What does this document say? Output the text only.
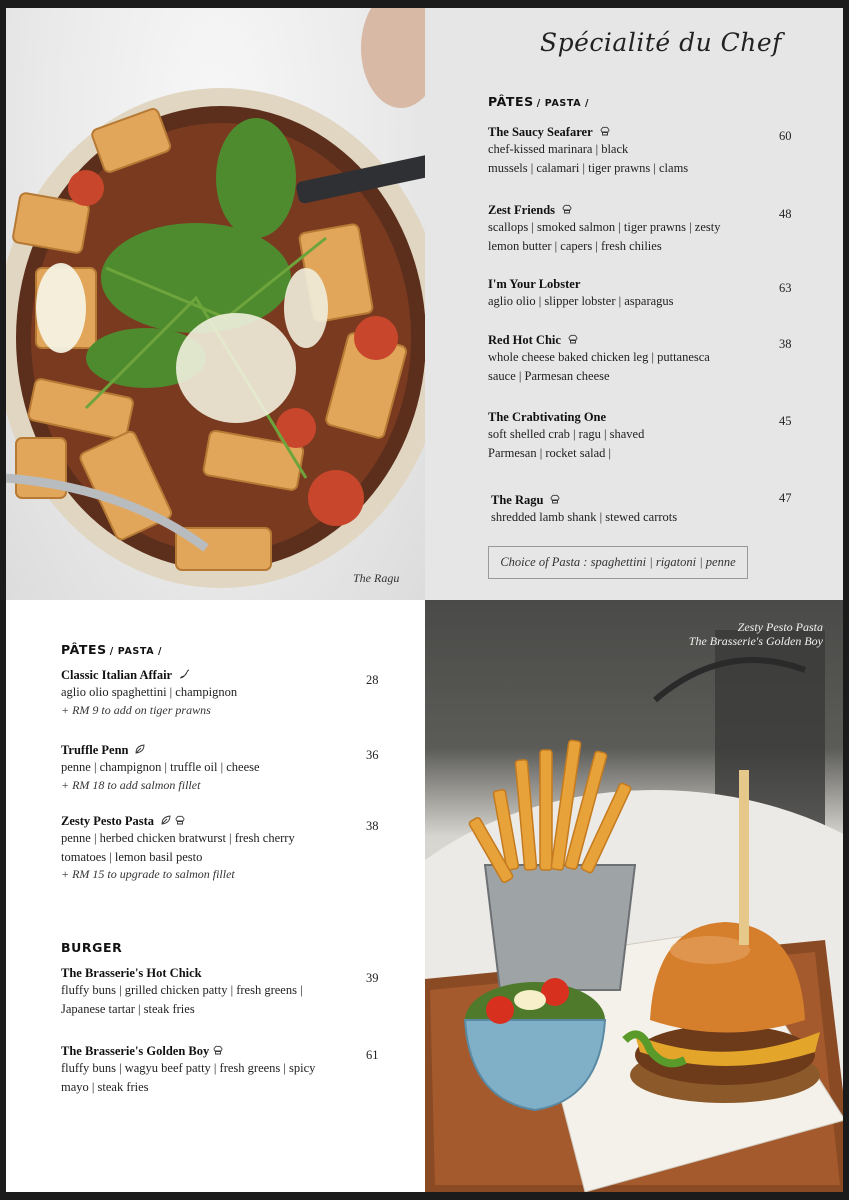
The Ragu
Spécialité du Chef
PÂTES / PASTA /
The Saucy Seafarer
chef-kissed marinara | black
mussels | calamari | tiger prawns | clams
60
Zest Friends
scallops | smoked salmon | tiger prawns | zesty
lemon butter | capers | fresh chilies
48
I'm Your Lobster
aglio olio | slipper lobster | asparagus
63
Red Hot Chic
whole cheese baked chicken leg | puttanesca
sauce | Parmesan cheese
38
The Crabtivating One
soft shelled crab | ragu | shaved
Parmesan | rocket salad |
45
The Ragu
shredded lamb shank | stewed carrots
47
Choice of Pasta : spaghettini | rigatoni | penne
PÂTES / PASTA /
Classic Italian Affair
aglio olio spaghettini | champignon
+ RM 9 to add on tiger prawns
28
Truffle Penn
penne | champignon | truffle oil | cheese
+ RM 18 to add salmon fillet
36
Zesty Pesto Pasta
penne | herbed chicken bratwurst | fresh cherry
tomatoes | lemon basil pesto
+ RM 15 to upgrade to salmon fillet
38
BURGER
The Brasserie's Hot Chick
fluffy buns | grilled chicken patty | fresh greens |
Japanese tartar | steak fries
39
The Brasserie's Golden Boy
fluffy buns | wagyu beef patty | fresh greens | spicy
mayo | steak fries
61
Zesty Pesto Pasta
The Brasserie's Golden Boy
